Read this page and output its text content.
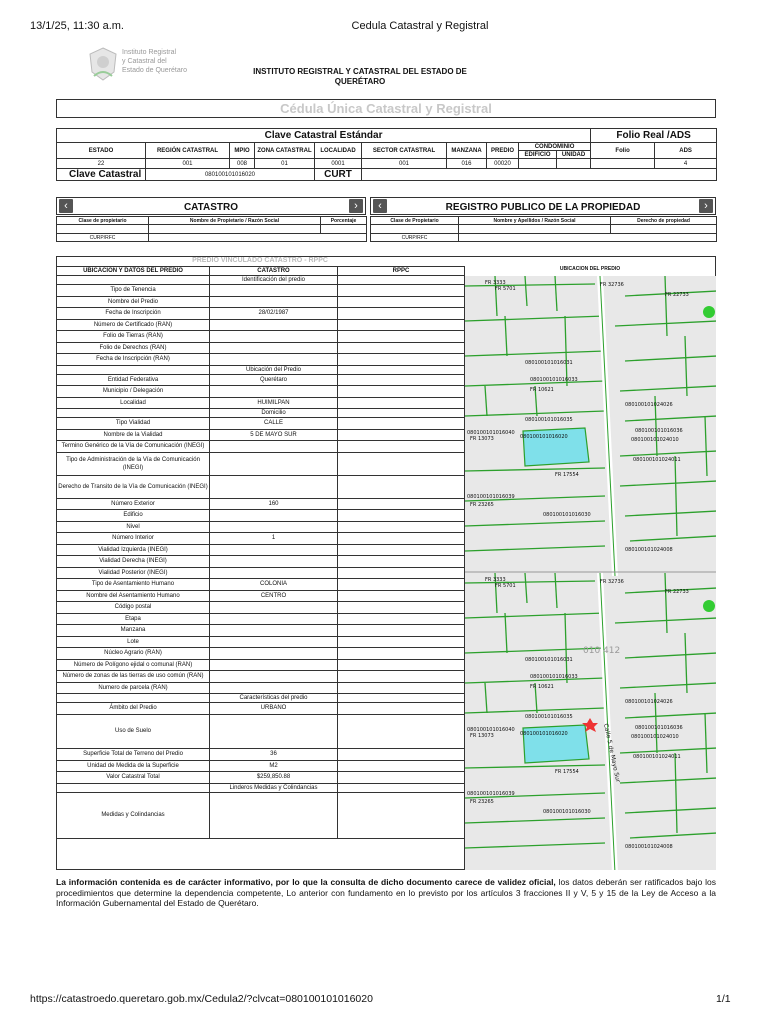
13/1/25, 11:30 a.m.	Cedula Catastral y Registral
Instituto Registral
y Catastral del
Estado de Querétaro	INSTITUTO REGISTRAL Y CATASTRAL DEL ESTADO DE
QUERÉTARO
Cédula Única Catastral y Registral
Clave Catastral Estándar										Folio Real /ADS	
ESTADO	REGIÓN CATASTRAL	MPIO	ZONA CATASTRAL	LOCALIDAD	SECTOR CATASTRAL	MANZANA	PREDIO	CONDOMINIO		Folio	ADS
								EDIFICIO	UNIDAD		
22	001	008	01	0001	001	016	00020				4
Clave Catastral	080100101016020			CURT							
‹	CATASTRO	›	‹	REGISTRO PUBLICO DE LA PROPIEDAD	›
Clase de propietario	Nombre de Propietario / Razón Social	Porcentaje

CURP/RFC		
Clase de Propietario	Nombre y Apellidos / Razón Social	Derecho de propiedad

CURP/RFC		
PREDIO VINCULADO CATASTRO - RPPC
UBICACION DEL PREDIO
UBICACIÓN Y DATOS DEL PREDIO	CATASTRO	RPPC
	Identificación del predio	
Tipo de Tenencia		
Nombre del Predio		
Fecha de Inscripción	28/02/1987	
Número de Certificado (RAN)		
Folio de Tierras (RAN)		
Folio de Derechos (RAN)		
Fecha de Inscripción (RAN)		
	Ubicación del Predio	
Entidad Federativa	Querétaro	
Municipio / Delegación		
Localidad	HUIMILPAN	
	Domicilio	
Tipo Vialidad	CALLE	
Nombre de la Vialidad	5 DE MAYO SUR	
Termino Genérico de la Vía de Comunicación (INEGI)		
Tipo de Administración de la Vía de Comunicación (INEGI)		
Derecho de Transito de la Vía de Comunicación (INEGI)		
Número Exterior	160	
Edificio		
Nivel		
Número Interior	1	
Vialidad Izquierda (INEGI)		
Vialidad Derecha (INEGI)		
Vialidad Posterior (INEGI)		
Tipo de Asentamiento Humano	COLONIA	
Nombre del Asentamiento Humano	CENTRO	
Código postal		
Etapa		
Manzana		
Lote		
Núcleo Agrario (RAN)		
Número de Polígono ejidal o comunal (RAN)		
Número de zonas de las tierras de uso común (RAN)		
Numero de parcela (RAN)		
	Características del predio	
Ámbito del Predio	URBANO	
Uso de Suelo		
Superficie Total de Terreno del Predio	36	
Unidad de Medida de la Superficie	M2	
Valor Catastral Total	$259,850.88	
	Linderos Medidas y Colindancias	
Medidas y Colindancias		
080100101016020
080100101016020
080100101016040
080100101016040
080100101016033
080100101016033
080100101016031
080100101016031
080100101016035
080100101016035
080100101016039
080100101016039
080100101016030
080100101016030
080100101016036
080100101016036
080100101024026
080100101024026
080100101024010
080100101024010
080100101024011
080100101024011
080100101024008
080100101024008
FR 17554
FR 17554
FR 23265
FR 23265
FR 5701
FR 5701
FR 32736
FR 32736
FR 10621
FR 10621
FR 13073
FR 13073
FR 3333
FR 3333
FR 22733
FR 22733
Calle 5 de Mayo Sur
010 412
La información contenida es de carácter informativo, por lo que la consulta de dicho documento carece de validez oficial, los datos deberán ser ratificados bajo los procedimientos que determine la dependencia competente, Lo anterior con fundamento en lo previsto por los artículos 3 fracciones II y V, 5 y 15 de la Ley de Acceso a la Información Gubernamental del Estado de Querétaro.
https://catastroedo.queretaro.gob.mx/Cedula2/?clvcat=080100101016020	1/1
